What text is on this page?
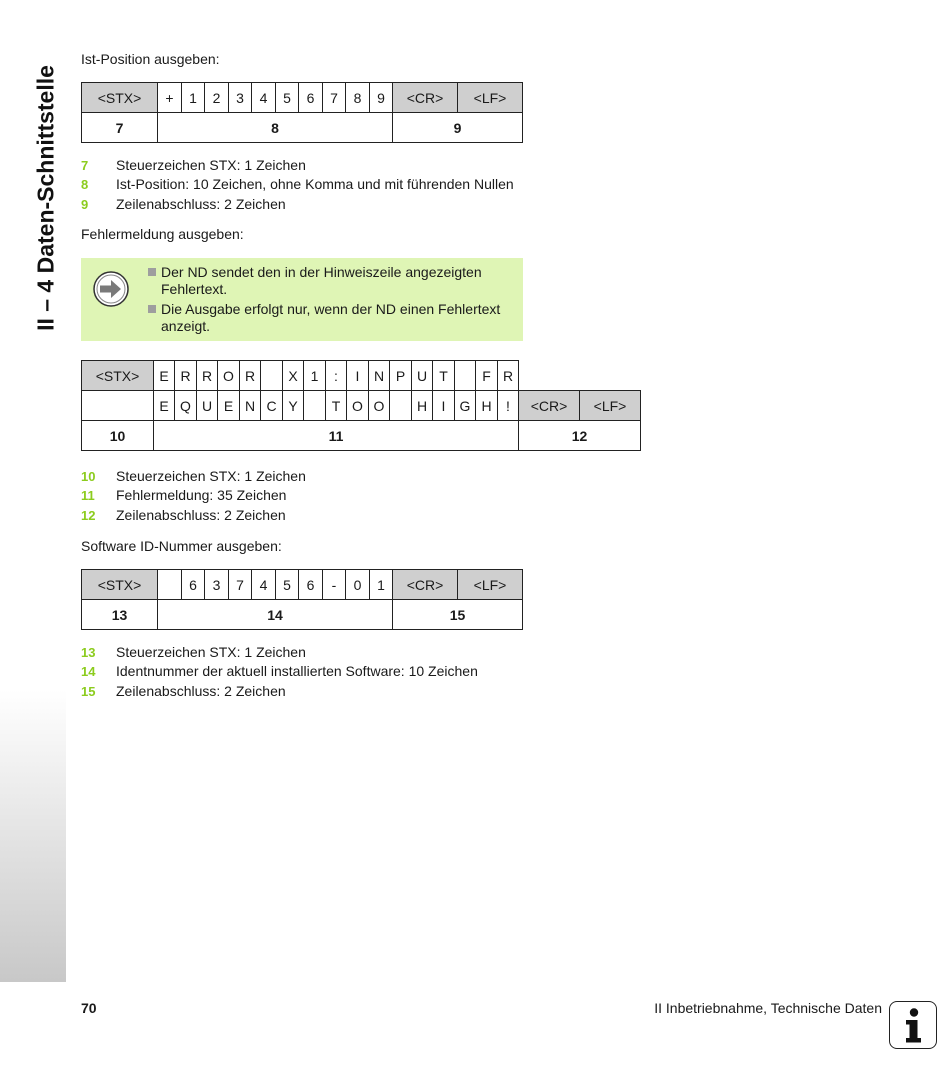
II – 4 Daten-Schnittstelle
Ist-Position ausgeben:
<STX>	+	1	2	3	4	5	6	7	8	9	<CR>	<LF>
7	8										9	
7 Steuerzeichen STX: 1 Zeichen
8 Ist-Position: 10 Zeichen, ohne Komma und mit führenden Nullen
9 Zeilenabschluss: 2 Zeichen
Fehlermeldung ausgeben:
Der ND sendet den in der Hinweiszeile angezeigten Fehlertext.
Die Ausgabe erfolgt nur, wenn der ND einen Fehlertext anzeigt.
<STX>	E	R	R	O	R		X	1	:	I	N	P	U	T		F	R		
	E	Q	U	E	N	C	Y		T	O	O		H	I	G	H	!	<CR>	<LF>
10	11																	12	
10 Steuerzeichen STX: 1 Zeichen
11 Fehlermeldung: 35 Zeichen
12 Zeilenabschluss: 2 Zeichen
Software ID-Nummer ausgeben:
<STX>		6	3	7	4	5	6	-	0	1	<CR>	<LF>
13	14										15	
13 Steuerzeichen STX: 1 Zeichen
14 Identnummer der aktuell installierten Software: 10 Zeichen
15 Zeilenabschluss: 2 Zeichen
70	II Inbetriebnahme, Technische Daten
